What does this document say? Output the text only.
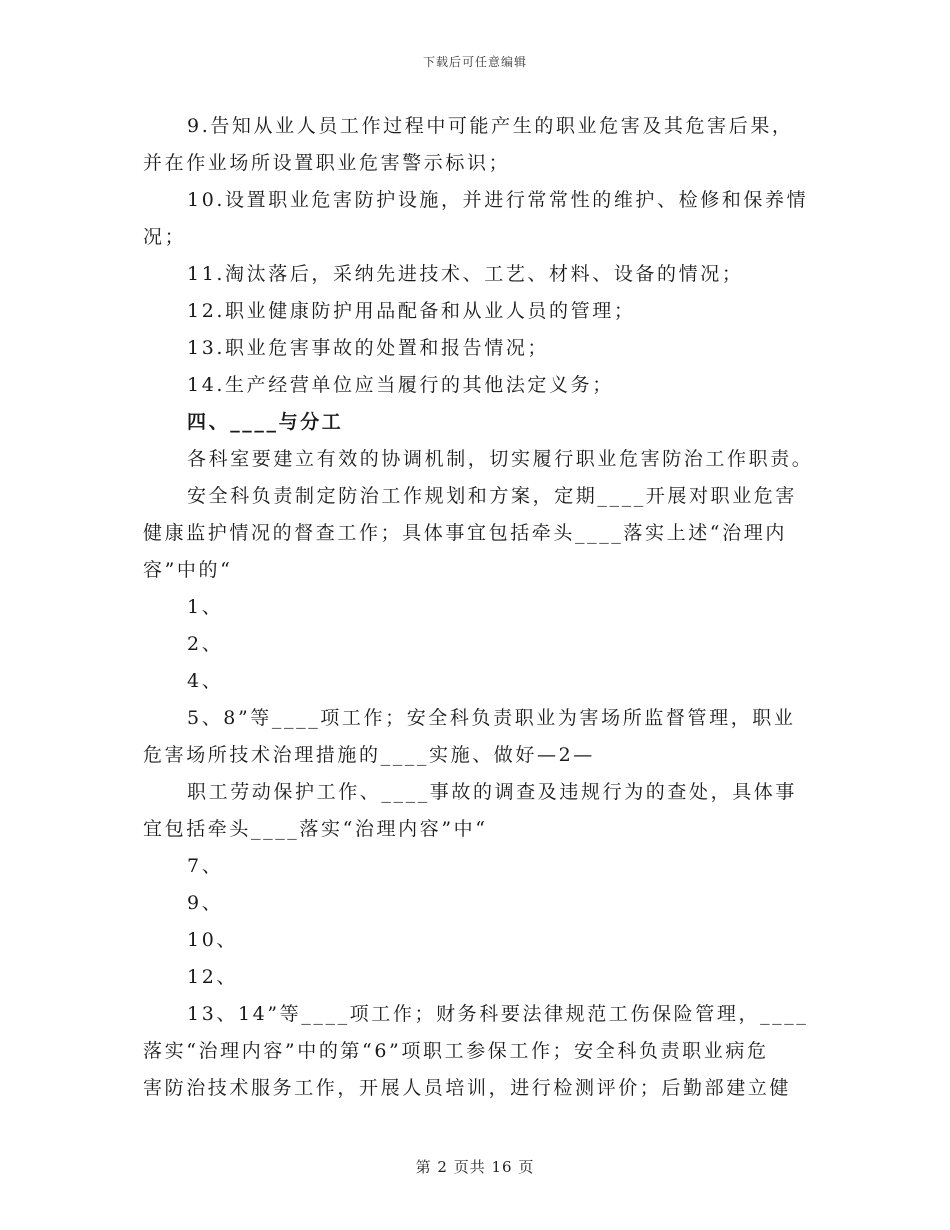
下载后可任意编辑
9.告知从业人员工作过程中可能产生的职业危害及其危害后果，
并在作业场所设置职业危害警示标识；
10.设置职业危害防护设施，并进行常常性的维护、检修和保养情
况；
11.淘汰落后，采纳先进技术、工艺、材料、设备的情况；
12.职业健康防护用品配备和从业人员的管理；
13.职业危害事故的处置和报告情况；
14.生产经营单位应当履行的其他法定义务；
四、____与分工
各科室要建立有效的协调机制，切实履行职业危害防治工作职责。
安全科负责制定防治工作规划和方案，定期____开展对职业危害
健康监护情况的督查工作；具体事宜包括牵头____落实上述“治理内
容”中的“
1、
2、
4、
5、8”等____项工作；安全科负责职业为害场所监督管理，职业
危害场所技术治理措施的____实施、做好—2—
职工劳动保护工作、____事故的调查及违规行为的查处，具体事
宜包括牵头____落实“治理内容”中“
7、
9、
10、
12、
13、14”等____项工作；财务科要法律规范工伤保险管理，____
落实“治理内容”中的第“6”项职工参保工作；安全科负责职业病危
害防治技术服务工作，开展人员培训，进行检测评价；后勤部建立健
第 2 页共 16 页
